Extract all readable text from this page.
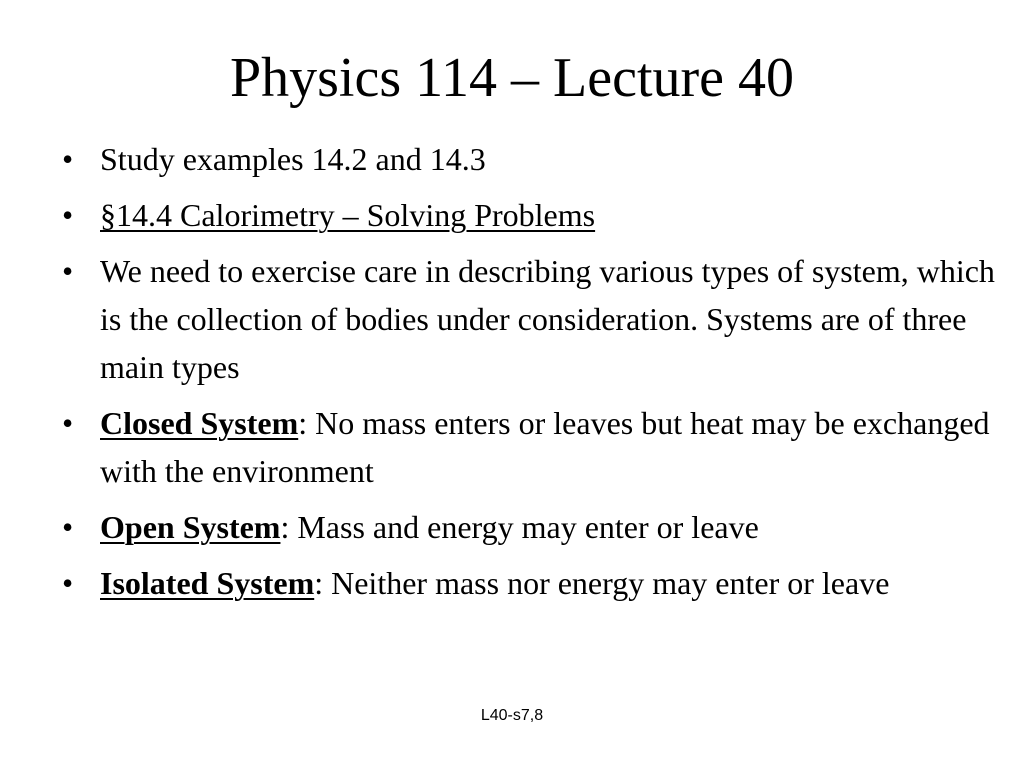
Physics 114 – Lecture 40
• Study examples 14.2 and 14.3
• §14.4 Calorimetry – Solving Problems
• We need to exercise care in describing various types of system, which is the collection of bodies under consideration. Systems are of three main types
• Closed System: No mass enters or leaves but heat may be exchanged with the environment
• Open System: Mass and energy may enter or leave
• Isolated System: Neither mass nor energy may enter or leave
L40-s7,8
